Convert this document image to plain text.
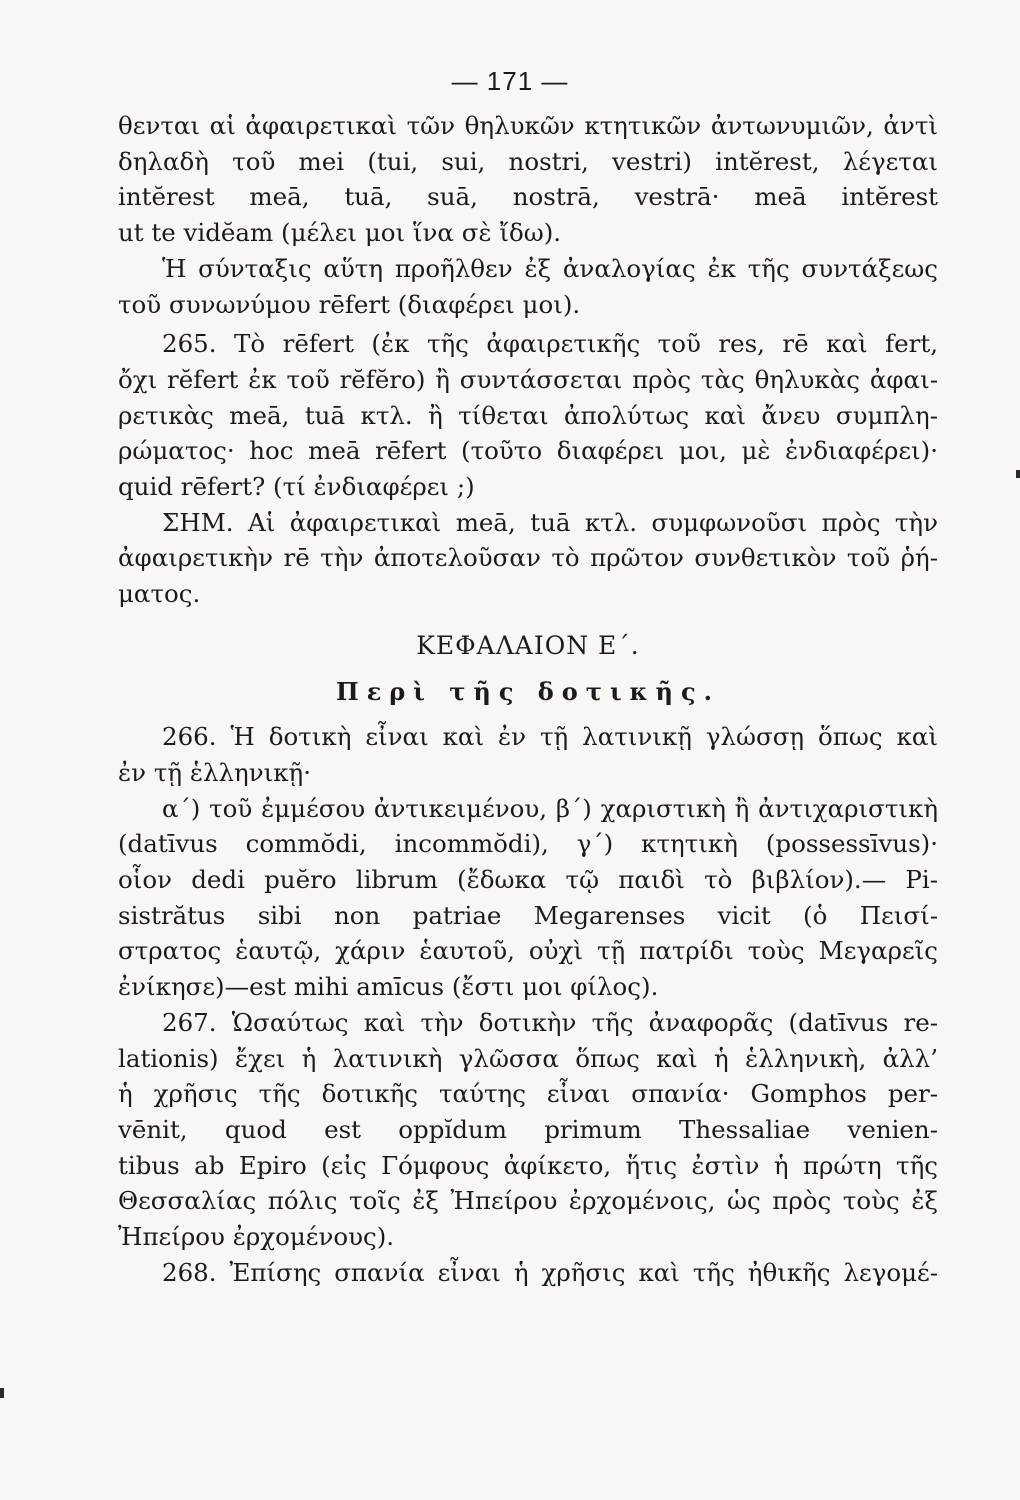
— 171 —
θενται αἱ ἀφαιρετικαὶ τῶν θηλυκῶν κτητικῶν ἀντωνυμιῶν, ἀντὶ
δηλαδὴ τοῦ mei (tui, sui, nostri, vestri) intĕrest, λέγεται
intĕrest meā, tuā, suā, nostrā, vestrā· meā intĕrest
ut te vidĕam (μέλει μοι ἵνα σὲ ἴδω).
Ἡ σύνταξις αὕτη προῆλθεν ἐξ ἀναλογίας ἐκ τῆς συντάξεως
τοῦ συνωνύμου rēfert (διαφέρει μοι).
265. Τὸ rēfert (ἐκ τῆς ἀφαιρετικῆς τοῦ res, rē καὶ fert,
ὄχι rĕfert ἐκ τοῦ rĕfĕro) ἢ συντάσσεται πρὸς τὰς θηλυκὰς ἀφαι-
ρετικὰς meā, tuā κτλ. ἢ τίθεται ἀπολύτως καὶ ἄνευ συμπλη-
ρώματος· hoc meā rēfert (τοῦτο διαφέρει μοι, μὲ ἐνδιαφέρει)·
quid rēfert? (τί ἐνδιαφέρει ;)
ΣΗΜ. Αἱ ἀφαιρετικαὶ meā, tuā κτλ. συμφωνοῦσι πρὸς τὴν
ἀφαιρετικὴν rē τὴν ἀποτελοῦσαν τὸ πρῶτον συνθετικὸν τοῦ ῥή-
ματος.
ΚΕΦΑΛΑΙΟΝ Ε΄.
Περὶ τῆς δοτικῆς.
266. Ἡ δοτικὴ εἶναι καὶ ἐν τῇ λατινικῇ γλώσσῃ ὅπως καὶ
ἐν τῇ ἑλληνικῇ·
α΄) τοῦ ἐμμέσου ἀντικειμένου, β΄) χαριστικὴ ἢ ἀντιχαριστικὴ
(datīvus commŏdi, incommŏdi), γ΄) κτητικὴ (possessīvus)·
οἷον dedi puĕro librum (ἔδωκα τῷ παιδὶ τὸ βιβλίον).— Pi-
sistrătus sibi non patriae Megarenses vicit (ὁ Πεισί-
στρατος ἑαυτῷ, χάριν ἑαυτοῦ, οὐχὶ τῇ πατρίδι τοὺς Μεγαρεῖς
ἐνίκησε)—est mihi amīcus (ἔστι μοι φίλος).
267. Ὡσαύτως καὶ τὴν δοτικὴν τῆς ἀναφορᾶς (datīvus re-
lationis) ἔχει ἡ λατινικὴ γλῶσσα ὅπως καὶ ἡ ἑλληνικὴ, ἀλλ’
ἡ χρῆσις τῆς δοτικῆς ταύτης εἶναι σπανία· Gomphos per-
vēnit, quod est oppĭdum primum Thessaliae venien-
tibus ab Epiro (εἰς Γόμφους ἀφίκετο, ἥτις ἐστὶν ἡ πρώτη τῆς
Θεσσαλίας πόλις τοῖς ἐξ Ἠπείρου ἐρχομένοις, ὡς πρὸς τοὺς ἐξ
Ἠπείρου ἐρχομένους).
268. Ἐπίσης σπανία εἶναι ἡ χρῆσις καὶ τῆς ἠθικῆς λεγομέ-
